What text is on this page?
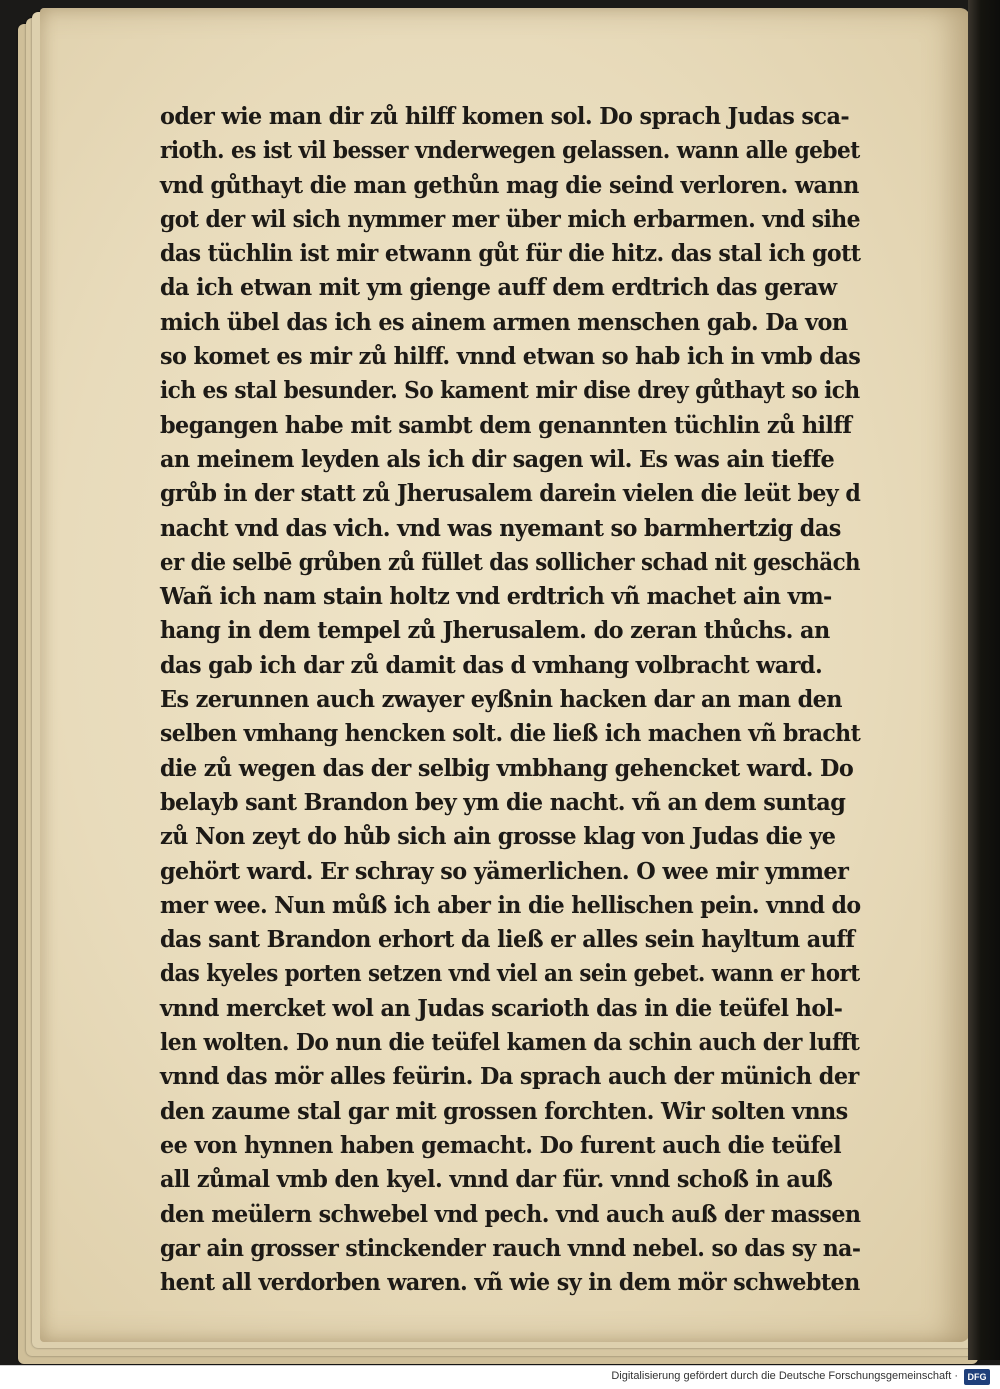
oder wie man dir zů hilff komen sol. Do sprach Judas sca-
rioth. es ist vil besser vnderwegen gelassen. wann alle gebet
vnd gůthayt die man gethůn mag die seind verloren. wann
got der wil sich nymmer mer über mich erbarmen. vnd sihe
das tüchlin ist mir etwann gůt für die hitz. das stal ich gott
da ich etwan mit ym gienge auff dem erdtrich das geraw
mich übel das ich es ainem armen menschen gab. Da von
so komet es mir zů hilff. vnnd etwan so hab ich in vmb das
ich es stal besunder. So kament mir dise drey gůthayt so ich
begangen habe mit sambt dem genannten tüchlin zů hilff
an meinem leyden als ich dir sagen wil. Es was ain tieffe
grůb in der statt zů Jherusalem darein vielen die leüt bey d
nacht vnd das vich. vnd was nyemant so barmhertzig das
er die selbē grůben zů füllet das sollicher schad nit geschäch
Wañ ich nam stain holtz vnd erdtrich vñ machet ain vm-
hang in dem tempel zů Jherusalem. do zeran thůchs. an
das gab ich dar zů damit das d vmhang volbracht ward.
Es zerunnen auch zwayer eyßnin hacken dar an man den
selben vmhang hencken solt. die ließ ich machen vñ bracht
die zů wegen das der selbig vmbhang gehencket ward. Do
belayb sant Brandon bey ym die nacht. vñ an dem suntag
zů Non zeyt do hůb sich ain grosse klag von Judas die ye
gehört ward. Er schray so yämerlichen. O wee mir ymmer
mer wee. Nun můß ich aber in die hellischen pein. vnnd do
das sant Brandon erhort da ließ er alles sein hayltum auff
das kyeles porten setzen vnd viel an sein gebet. wann er hort
vnnd mercket wol an Judas scarioth das in die teüfel hol-
len wolten. Do nun die teüfel kamen da schin auch der lufft
vnnd das mör alles feürin. Da sprach auch der münich der
den zaume stal gar mit grossen forchten. Wir solten vnns
ee von hynnen haben gemacht. Do furent auch die teüfel
all zůmal vmb den kyel. vnnd dar für. vnnd schoß in auß
den meülern schwebel vnd pech. vnd auch auß der massen
gar ain grosser stinckender rauch vnnd nebel. so das sy na-
hent all verdorben waren. vñ wie sy in dem mör schwebten
Digitalisierung gefördert durch die Deutsche Forschungsgemeinschaft ·	DFG
